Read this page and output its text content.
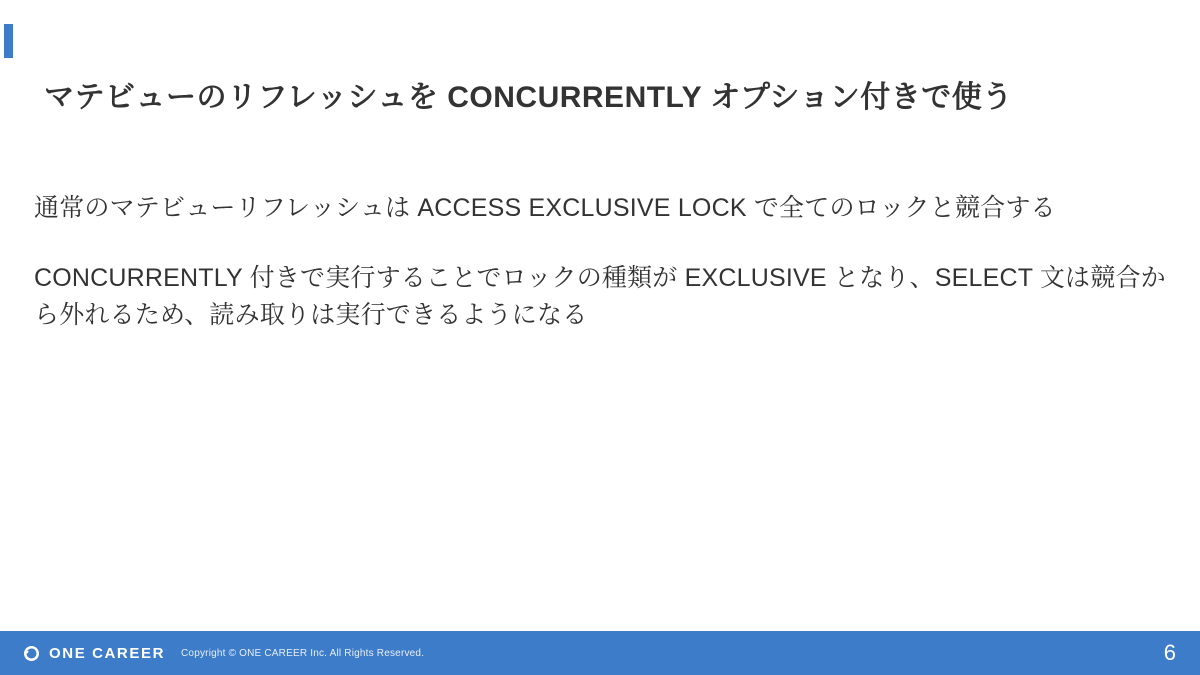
マテビューのリフレッシュを CONCURRENTLY オプション付きで使う

通常のマテビューリフレッシュは ACCESS EXCLUSIVE LOCK で全てのロックと競合する

CONCURRENTLY 付きで実行することでロックの種類が EXCLUSIVE となり、SELECT 文は競合から外れるため、読み取りは実行できるようになる

ONE CAREER Copyright © ONE CAREER Inc. All Rights Reserved.	6
